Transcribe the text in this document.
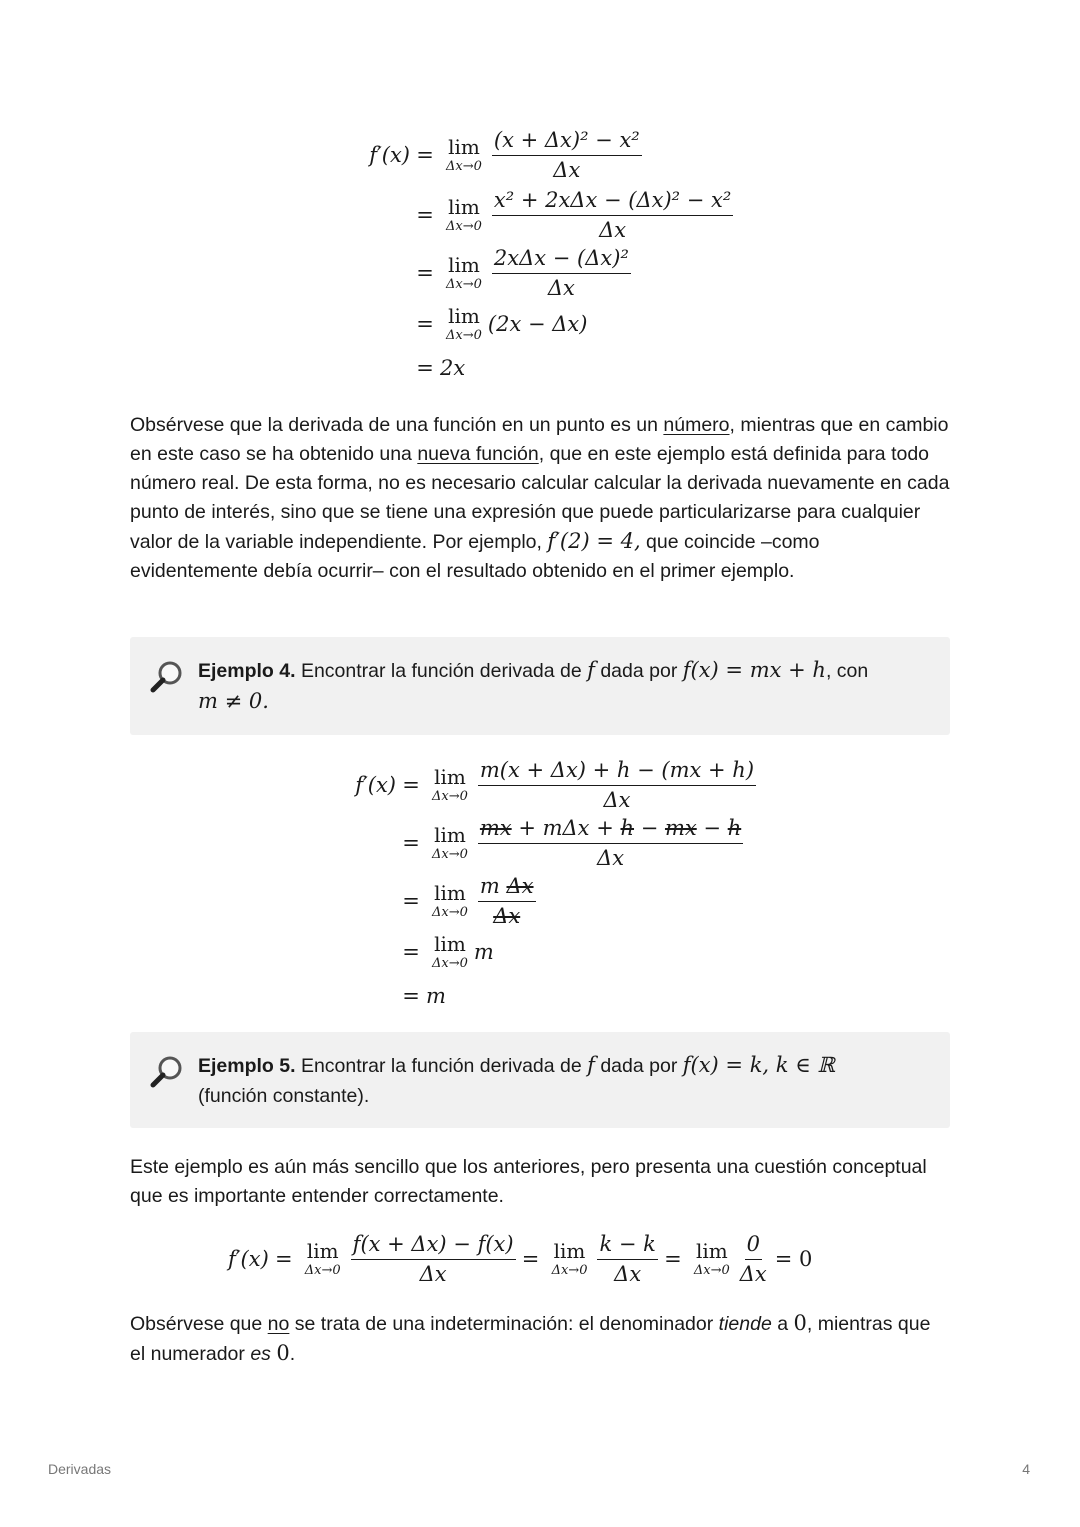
f′(x) = lim
$\Delta x\to 0 \frac{\text{(x + Δx)² − x²}}{\Delta x}$
= lim
$\Delta x\to 0 \frac{\text{x² + 2xΔx − (Δx)² − x²}}{\Delta x}$
= lim
$\Delta x\to 0 \frac{\text{2xΔx − (Δx)²}}{\Delta x}$
= lim
Δx→0 (2x − Δx)
= 2x
Obsérvese que la derivada de una función en un punto es un número, mientras que en cambio en este caso se ha obtenido una nueva función, que en este ejemplo está definida para todo número real. De esta forma, no es necesario calcular calcular la derivada nuevamente en cada punto de interés, sino que se tiene una expresión que puede particularizarse para cualquier valor de la variable independiente. Por ejemplo, f′(2) = 4, que coincide –como evidentemente debía ocurrir– con el resultado obtenido en el primer ejemplo.
Ejemplo 4. Encontrar la función derivada de f dada por f(x) = mx + h, con
m ≠ 0.
f′(x) = lim
$\Delta x\to 0 \frac{m(x + \Delta x) + h - (mx + h)}{\Delta x}$
= lim
$\Delta x\to 0 \frac{\text{mx + mΔx + h − mx − h}}{\Delta x}$
= lim
$\Delta x\to 0 \frac{\text{m Δx}}{\Delta x}$
= lim
Δx→0 m
= m
Ejemplo 5. Encontrar la función derivada de f dada por f(x) = k, k ∈ ℝ
(función constante).
Este ejemplo es aún más sencillo que los anteriores, pero presenta una cuestión conceptual que es importante entender correctamente.
f′(x) = lim
$\Delta x\to 0 \frac{f(x + \Delta x) - f(x)}{\Delta x} = \lim$
$\Delta x\to 0 \frac{k - k}{\Delta x} = \lim$
$\Delta x\to 0 \frac{0}{\Delta x} = 0$
Obsérvese que no se trata de una indeterminación: el denominador tiende a 0, mientras que el numerador es 0.
Derivadas	4
